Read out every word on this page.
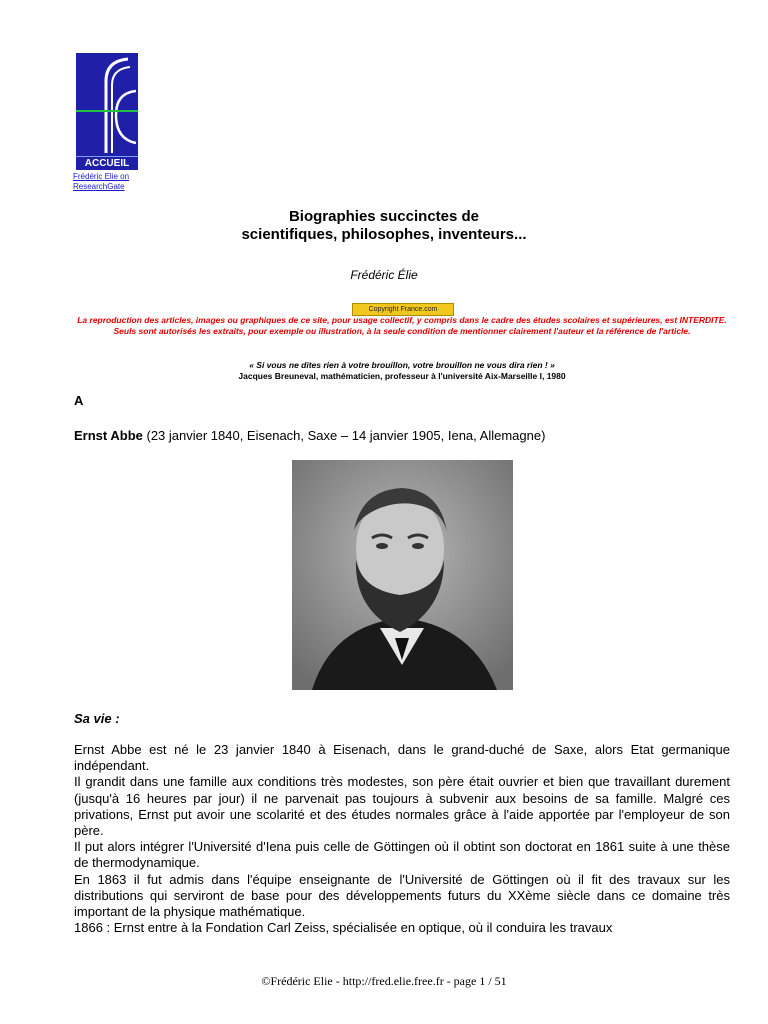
ACCUEIL
Frédéric Elie on ResearchGate
Biographies succinctes de
scientifiques, philosophes, inventeurs...
Frédéric Élie
Copyright France.com
La reproduction des articles, images ou graphiques de ce site, pour usage collectif, y compris dans le cadre des études scolaires et supérieures, est INTERDITE. Seuls sont autorisés les extraits, pour exemple ou illustration, à la seule condition de mentionner clairement l'auteur et la référence de l'article.
« Si vous ne dites rien à votre brouillon, votre brouillon ne vous dira rien ! »
Jacques Breuneval, mathématicien, professeur à l'université Aix-Marseille I, 1980
A
Ernst Abbe (23 janvier 1840, Eisenach, Saxe – 14 janvier 1905, Iena, Allemagne)
Sa vie :

Ernst Abbe est né le 23 janvier 1840 à Eisenach, dans le grand-duché de Saxe, alors Etat germanique indépendant.

Il grandit dans une famille aux conditions très modestes, son père était ouvrier et bien que travaillant durement (jusqu'à 16 heures par jour) il ne parvenait pas toujours à subvenir aux besoins de sa famille. Malgré ces privations, Ernst put avoir une scolarité et des études normales grâce à l'aide apportée par l'employeur de son père.

Il put alors intégrer l'Université d'Iena puis celle de Göttingen où il obtint son doctorat en 1861 suite à une thèse de thermodynamique.

En 1863 il fut admis dans l'équipe enseignante de l'Université de Göttingen où il fit des travaux sur les distributions qui serviront de base pour des développements futurs du XXème siècle dans ce domaine très important de la physique mathématique.

1866 : Ernst entre à la Fondation Carl Zeiss, spécialisée en optique, où il conduira les travaux

©Frédéric Elie - http://fred.elie.free.fr - page 1 / 51
